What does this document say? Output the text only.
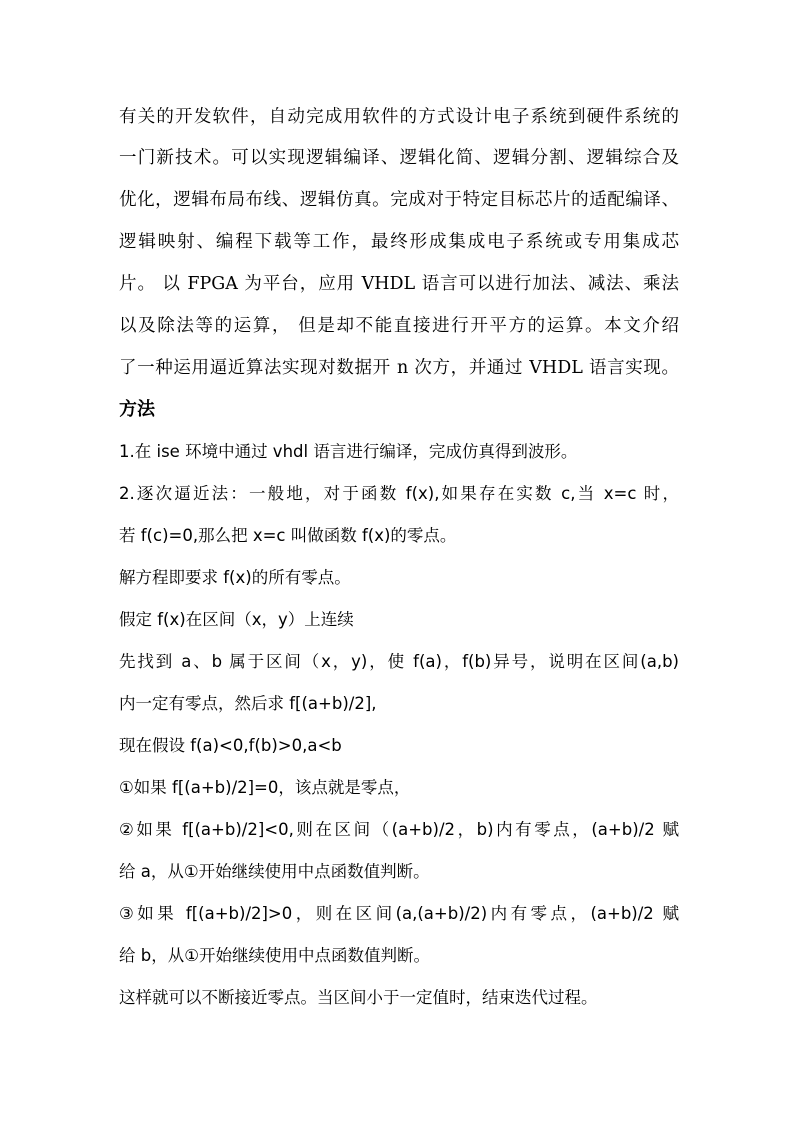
有关的开发软件，自动完成用软件的方式设计电子系统到硬件系统的
一门新技术。可以实现逻辑编译、逻辑化简、逻辑分割、逻辑综合及
优化，逻辑布局布线、逻辑仿真。完成对于特定目标芯片的适配编译、
逻辑映射、编程下载等工作，最终形成集成电子系统或专用集成芯
片。 以 FPGA 为平台，应用 VHDL 语言可以进行加法、减法、乘法
以及除法等的运算， 但是却不能直接进行开平方的运算。本文介绍
了一种运用逼近算法实现对数据开 n 次方，并通过 VHDL 语言实现。
方法
1.在 ise 环境中通过 vhdl 语言进行编译，完成仿真得到波形。
2.逐次逼近法：一般地，对于函数 f(x),如果存在实数 c,当 x=c 时，
若 f(c)=0,那么把 x=c 叫做函数 f(x)的零点。
解方程即要求 f(x)的所有零点。
假定 f(x)在区间（x，y）上连续
先找到 a、b 属于区间（x，y)，使 f(a)，f(b)异号，说明在区间(a,b)
内一定有零点，然后求 f[(a+b)/2],
现在假设 f(a)<0,f(b)>0,a<b
①如果 f[(a+b)/2]=0，该点就是零点，
②如果 f[(a+b)/2]<0,则在区间（(a+b)/2，b)内有零点，(a+b)/2 赋
给 a，从①开始继续使用中点函数值判断。
③如果 f[(a+b)/2]>0，则在区间(a,(a+b)/2)内有零点，(a+b)/2 赋
给 b，从①开始继续使用中点函数值判断。
这样就可以不断接近零点。当区间小于一定值时，结束迭代过程。
